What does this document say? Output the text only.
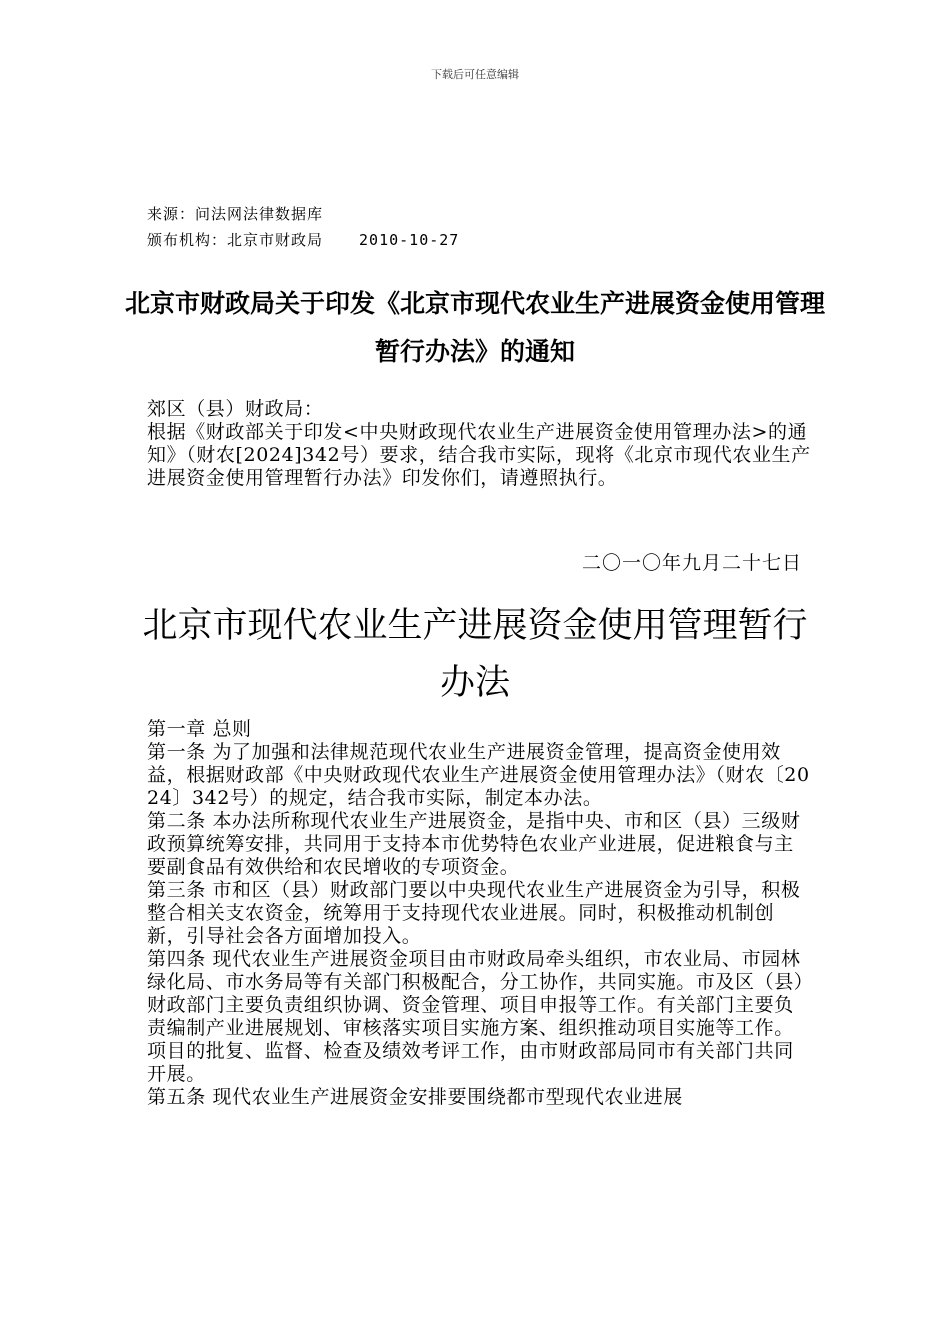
下载后可任意编辑
来源：问法网法律数据库
颁布机构：北京市财政局 2010-10-27
北京市财政局关于印发《北京市现代农业生产进展资金使用管理暂行办法》的通知
郊区（县）财政局：
根据《财政部关于印发<中央财政现代农业生产进展资金使用管理办法>的通知》（财农[2024]342号）要求，结合我市实际，现将《北京市现代农业生产进展资金使用管理暂行办法》印发你们，请遵照执行。
二〇一〇年九月二十七日
北京市现代农业生产进展资金使用管理暂行办法
第一章 总则

第一条 为了加强和法律规范现代农业生产进展资金管理，提高资金使用效益，根据财政部《中央财政现代农业生产进展资金使用管理办法》（财农〔2024〕342号）的规定，结合我市实际，制定本办法。

第二条 本办法所称现代农业生产进展资金，是指中央、市和区（县）三级财政预算统筹安排，共同用于支持本市优势特色农业产业进展，促进粮食与主要副食品有效供给和农民增收的专项资金。

第三条 市和区（县）财政部门要以中央现代农业生产进展资金为引导，积极整合相关支农资金，统筹用于支持现代农业进展。同时，积极推动机制创新，引导社会各方面增加投入。

第四条 现代农业生产进展资金项目由市财政局牵头组织，市农业局、市园林绿化局、市水务局等有关部门积极配合，分工协作，共同实施。市及区（县）财政部门主要负责组织协调、资金管理、项目申报等工作。有关部门主要负责编制产业进展规划、审核落实项目实施方案、组织推动项目实施等工作。项目的批复、监督、检查及绩效考评工作，由市财政部局同市有关部门共同开展。

第五条 现代农业生产进展资金安排要围绕都市型现代农业进展
